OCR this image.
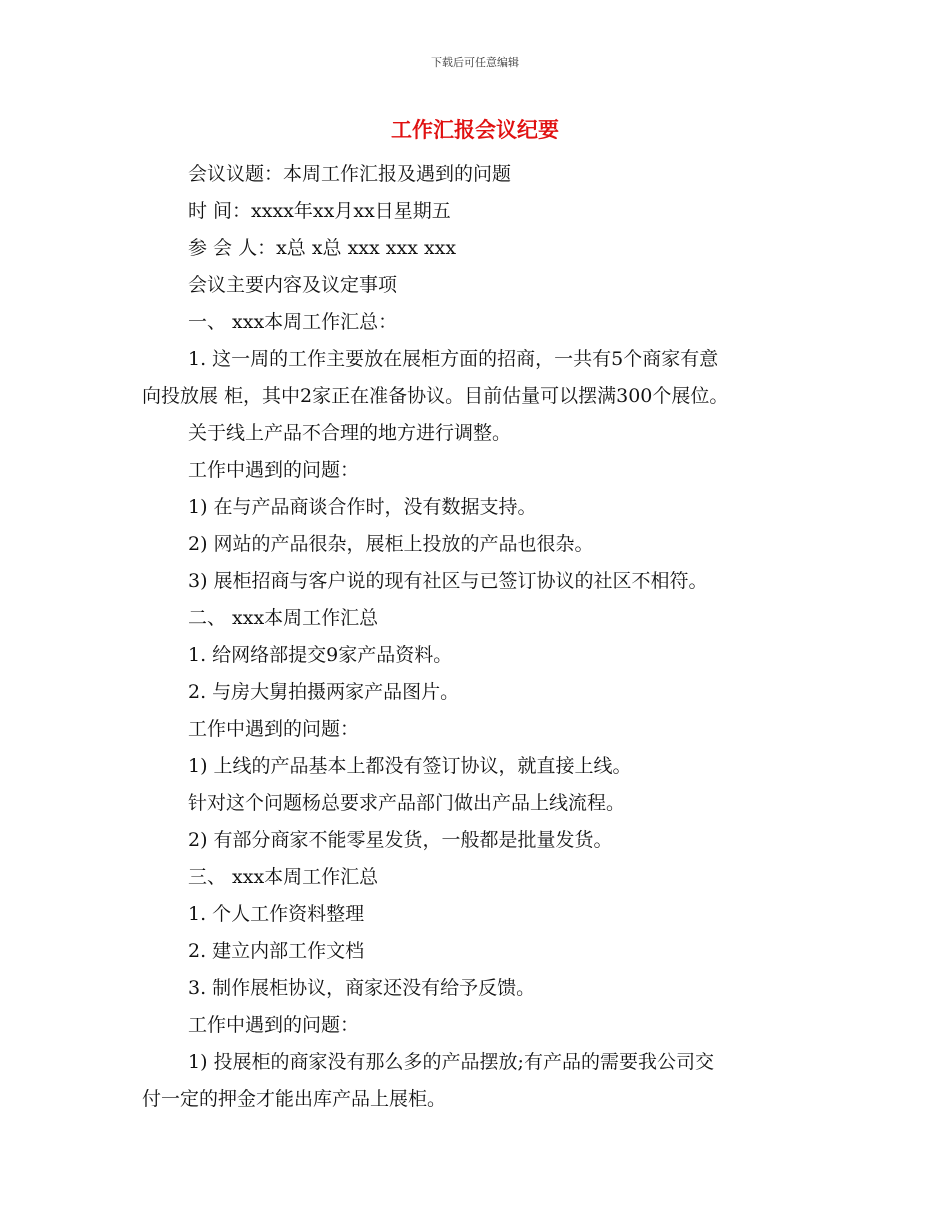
下载后可任意编辑
工作汇报会议纪要
会议议题：本周工作汇报及遇到的问题
时 间：xxxx年xx月xx日星期五
参 会 人：x总 x总 xxx xxx xxx
会议主要内容及议定事项
一、 xxx本周工作汇总：
1. 这一周的工作主要放在展柜方面的招商，一共有5个商家有意
向投放展 柜，其中2家正在准备协议。目前估量可以摆满300个展位。
关于线上产品不合理的地方进行调整。
工作中遇到的问题：
1) 在与产品商谈合作时，没有数据支持。
2) 网站的产品很杂，展柜上投放的产品也很杂。
3) 展柜招商与客户说的现有社区与已签订协议的社区不相符。
二、 xxx本周工作汇总
1. 给网络部提交9家产品资料。
2. 与房大舅拍摄两家产品图片。
工作中遇到的问题：
1) 上线的产品基本上都没有签订协议，就直接上线。
针对这个问题杨总要求产品部门做出产品上线流程。
2) 有部分商家不能零星发货，一般都是批量发货。
三、 xxx本周工作汇总
1. 个人工作资料整理
2. 建立内部工作文档
3. 制作展柜协议，商家还没有给予反馈。
工作中遇到的问题：
1) 投展柜的商家没有那么多的产品摆放;有产品的需要我公司交
付一定的押金才能出库产品上展柜。
